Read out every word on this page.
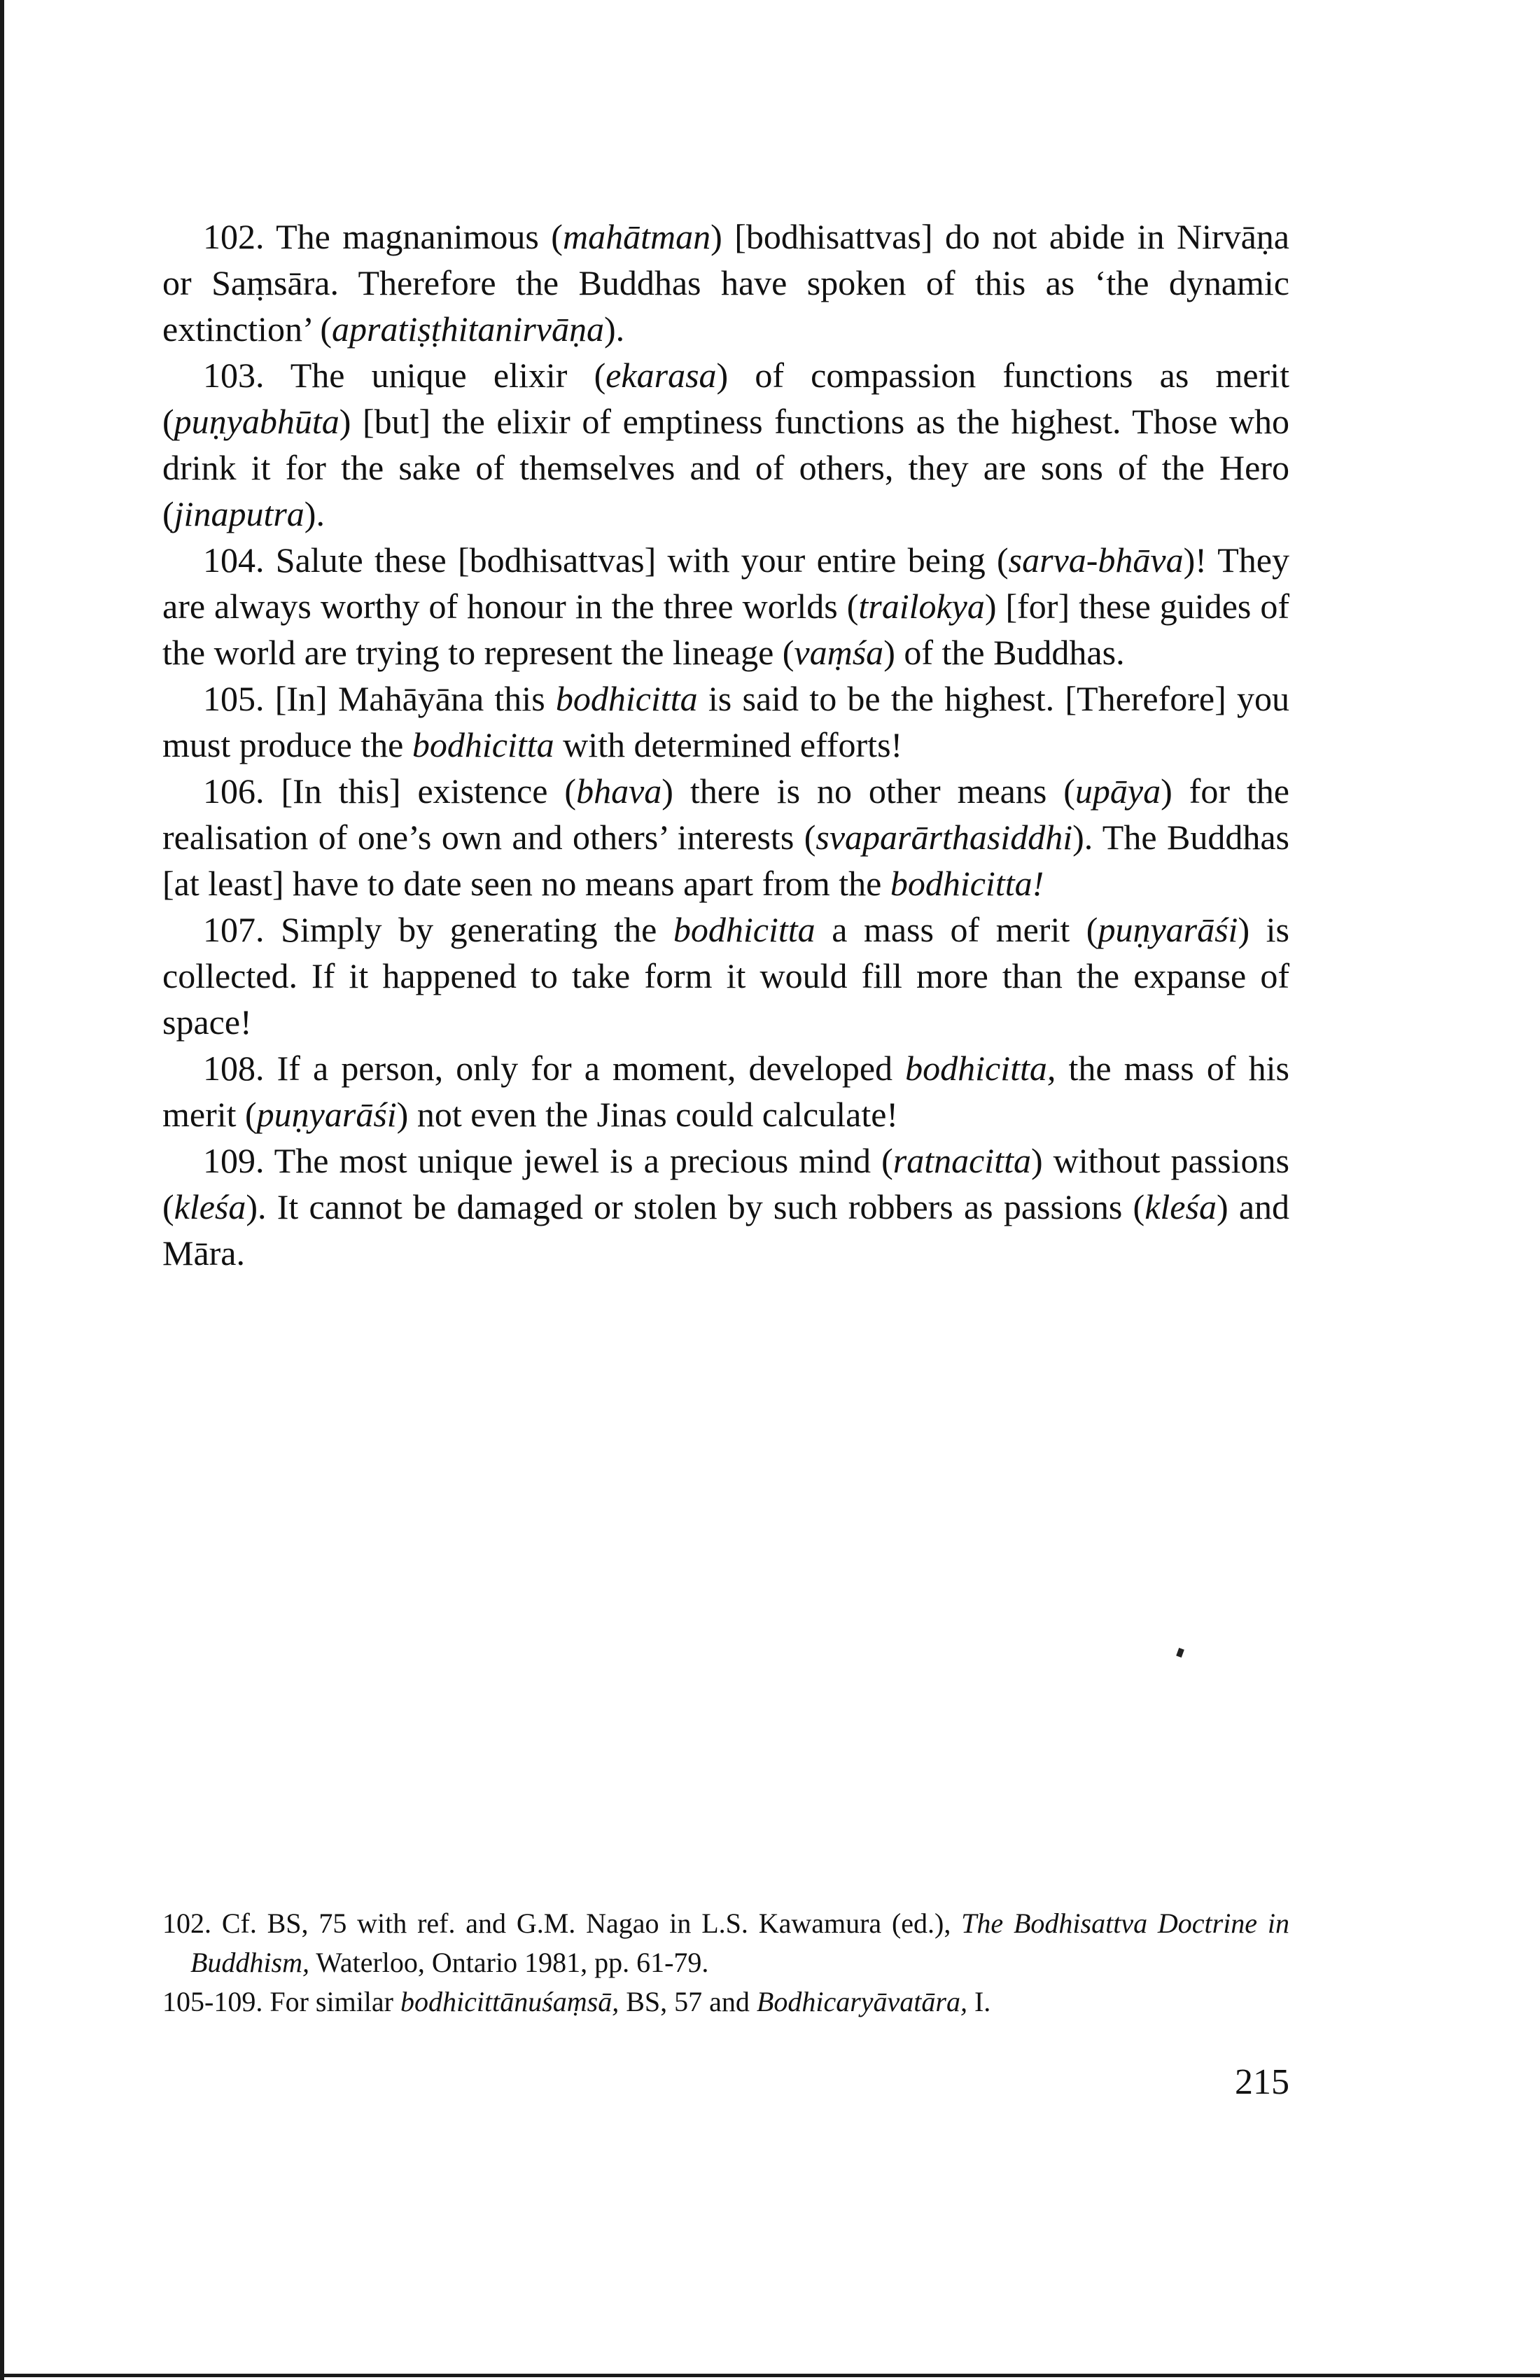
102. The magnanimous (mahātman) [bodhisattvas] do not abide in Nirvāṇa or Saṃsāra. Therefore the Buddhas have spoken of this as ‘the dynamic extinction’ (apratiṣṭhitanirvāṇa).

103. The unique elixir (ekarasa) of compassion functions as merit (puṇyabhūta) [but] the elixir of emptiness functions as the highest. Those who drink it for the sake of themselves and of others, they are sons of the Hero (jinaputra).

104. Salute these [bodhisattvas] with your entire being (sarva-bhāva)! They are always worthy of honour in the three worlds (trailokya) [for] these guides of the world are trying to represent the lineage (vaṃśa) of the Buddhas.

105. [In] Mahāyāna this bodhicitta is said to be the highest. [Therefore] you must produce the bodhicitta with determined efforts!

106. [In this] existence (bhava) there is no other means (upāya) for the realisation of one’s own and others’ interests (svaparārthasiddhi). The Buddhas [at least] have to date seen no means apart from the bodhicitta!

107. Simply by generating the bodhicitta a mass of merit (puṇyarāśi) is collected. If it happened to take form it would fill more than the expanse of space!

108. If a person, only for a moment, developed bodhicitta, the mass of his merit (puṇyarāśi) not even the Jinas could calculate!

109. The most unique jewel is a precious mind (ratnacitta) without passions (kleśa). It cannot be damaged or stolen by such robbers as passions (kleśa) and Māra.

102. Cf. BS, 75 with ref. and G.M. Nagao in L.S. Kawamura (ed.), The Bodhisattva Doctrine in Buddhism, Waterloo, Ontario 1981, pp. 61-79.

105-109. For similar bodhicittānuśaṃsā, BS, 57 and Bodhicaryāvatāra, I.

215
